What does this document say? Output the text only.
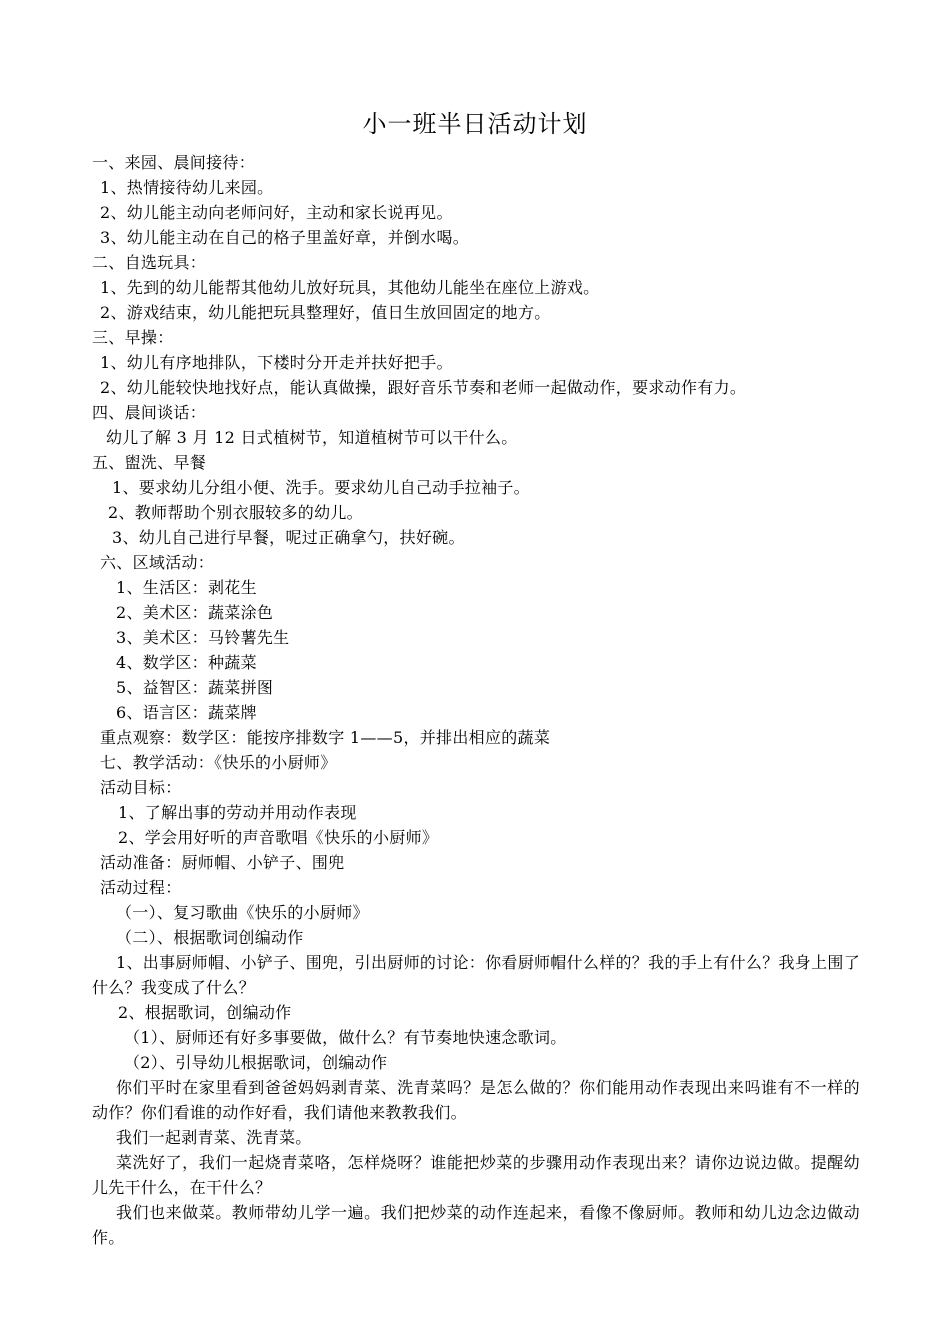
小一班半日活动计划
一、来园、晨间接待：
1、热情接待幼儿来园。
2、幼儿能主动向老师问好，主动和家长说再见。
3、幼儿能主动在自己的格子里盖好章，并倒水喝。
二、自选玩具：
1、先到的幼儿能帮其他幼儿放好玩具，其他幼儿能坐在座位上游戏。
2、游戏结束，幼儿能把玩具整理好，值日生放回固定的地方。
三、早操：
1、幼儿有序地排队，下楼时分开走并扶好把手。
2、幼儿能较快地找好点，能认真做操，跟好音乐节奏和老师一起做动作，要求动作有力。
四、晨间谈话：
幼儿了解 3 月 12 日式植树节，知道植树节可以干什么。
五、盥洗、早餐
1、要求幼儿分组小便、洗手。要求幼儿自己动手拉袖子。
2、教师帮助个别衣服较多的幼儿。
3、幼儿自己进行早餐，呢过正确拿勺，扶好碗。
六、区域活动：
1、生活区：剥花生
2、美术区：蔬菜涂色
3、美术区：马铃薯先生
4、数学区：种蔬菜
5、益智区：蔬菜拼图
6、语言区：蔬菜牌
重点观察：数学区：能按序排数字 1——5，并排出相应的蔬菜
七、教学活动：《快乐的小厨师》
活动目标：
1、了解出事的劳动并用动作表现
2、学会用好听的声音歌唱《快乐的小厨师》
活动准备：厨师帽、小铲子、围兜
活动过程：
（一）、复习歌曲《快乐的小厨师》
（二）、根据歌词创编动作
1、出事厨师帽、小铲子、围兜，引出厨师的讨论：你看厨师帽什么样的？我的手上有什么？我身上围了什么？我变成了什么？
2、根据歌词，创编动作
（1）、厨师还有好多事要做，做什么？有节奏地快速念歌词。
（2）、引导幼儿根据歌词，创编动作
你们平时在家里看到爸爸妈妈剥青菜、洗青菜吗？是怎么做的？你们能用动作表现出来吗谁有不一样的动作？你们看谁的动作好看，我们请他来教教我们。
我们一起剥青菜、洗青菜。
菜洗好了，我们一起烧青菜咯，怎样烧呀？谁能把炒菜的步骤用动作表现出来？请你边说边做。提醒幼儿先干什么，在干什么？
我们也来做菜。教师带幼儿学一遍。我们把炒菜的动作连起来，看像不像厨师。教师和幼儿边念边做动作。
